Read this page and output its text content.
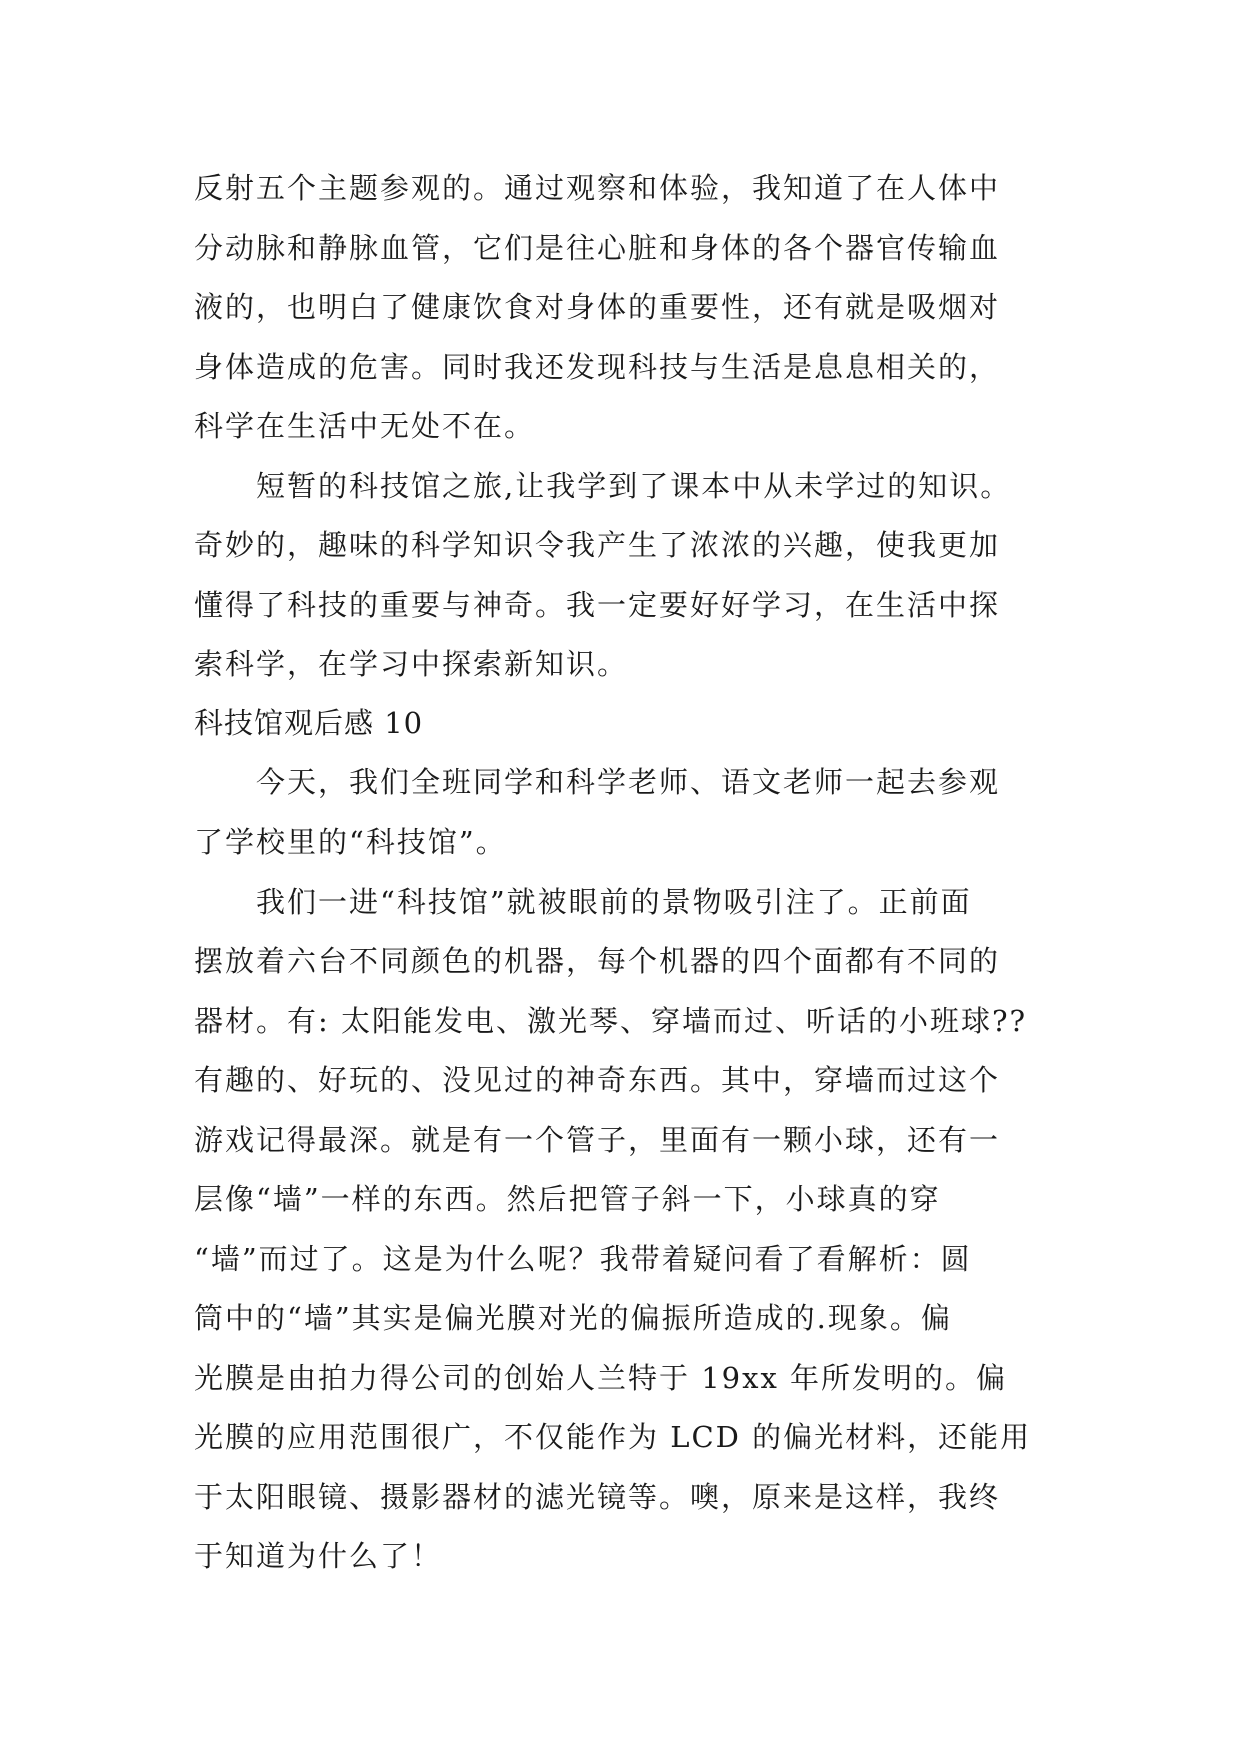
反射五个主题参观的。通过观察和体验，我知道了在人体中
分动脉和静脉血管，它们是往心脏和身体的各个器官传输血
液的，也明白了健康饮食对身体的重要性，还有就是吸烟对
身体造成的危害。同时我还发现科技与生活是息息相关的，
科学在生活中无处不在。
短暂的科技馆之旅,让我学到了课本中从未学过的知识。
奇妙的，趣味的科学知识令我产生了浓浓的兴趣，使我更加
懂得了科技的重要与神奇。我一定要好好学习，在生活中探
索科学，在学习中探索新知识。
科技馆观后感 10
今天，我们全班同学和科学老师、语文老师一起去参观
了学校里的“科技馆”。
我们一进“科技馆”就被眼前的景物吸引注了。正前面
摆放着六台不同颜色的机器，每个机器的四个面都有不同的
器材。有: 太阳能发电、激光琴、穿墙而过、听话的小班球??
有趣的、好玩的、没见过的神奇东西。其中，穿墙而过这个
游戏记得最深。就是有一个管子，里面有一颗小球，还有一
层像“墙”一样的东西。然后把管子斜一下，小球真的穿
“墙”而过了。这是为什么呢？我带着疑问看了看解析：圆
筒中的“墙”其实是偏光膜对光的偏振所造成的.现象。偏
光膜是由拍力得公司的创始人兰特于 19xx 年所发明的。偏
光膜的应用范围很广，不仅能作为 LCD 的偏光材料，还能用
于太阳眼镜、摄影器材的滤光镜等。噢，原来是这样，我终
于知道为什么了！
